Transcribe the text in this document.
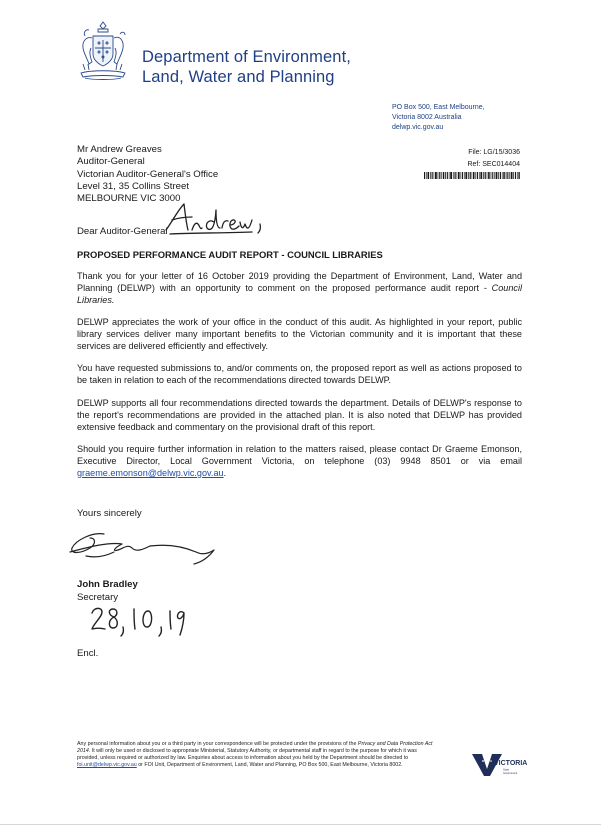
Department of Environment,
Land, Water and Planning
PO Box 500, East Melbourne,
Victoria 8002 Australia
delwp.vic.gov.au
Mr Andrew Greaves
Auditor-General
Victorian Auditor-General's Office
Level 31, 35 Collins Street
MELBOURNE VIC 3000
File: LG/15/3036
Ref: SEC014404
Dear Auditor-General
PROPOSED PERFORMANCE AUDIT REPORT - COUNCIL LIBRARIES

Thank you for your letter of 16 October 2019 providing the Department of Environment, Land, Water and Planning (DELWP) with an opportunity to comment on the proposed performance audit report - Council Libraries.

DELWP appreciates the work of your office in the conduct of this audit. As highlighted in your report, public library services deliver many important benefits to the Victorian community and it is important that these services are delivered efficiently and effectively.

You have requested submissions to, and/or comments on, the proposed report as well as actions proposed to be taken in relation to each of the recommendations directed towards DELWP.

DELWP supports all four recommendations directed towards the department. Details of DELWP's response to the report's recommendations are provided in the attached plan. It is also noted that DELWP has provided extensive feedback and commentary on the provisional draft of this report.

Should you require further information in relation to the matters raised, please contact Dr Graeme Emonson, Executive Director, Local Government Victoria, on telephone (03) 9948 8501 or via email graeme.emonson@delwp.vic.gov.au.

Yours sincerely
John Bradley
Secretary
Encl.
Any personal information about you or a third party in your correspondence will be protected under the provisions of the Privacy and Data Protection Act 2014. It will only be used or disclosed to appropriate Ministerial, Statutory Authority, or departmental staff in regard to the purpose for which it was provided, unless required or authorized by law. Enquiries about access to information about you held by the Department should be directed to foi.unit@delwp.vic.gov.au or FOI Unit, Department of Environment, Land, Water and Planning, PO Box 500, East Melbourne, Victoria 8002.	VICTORIA
State
Government
